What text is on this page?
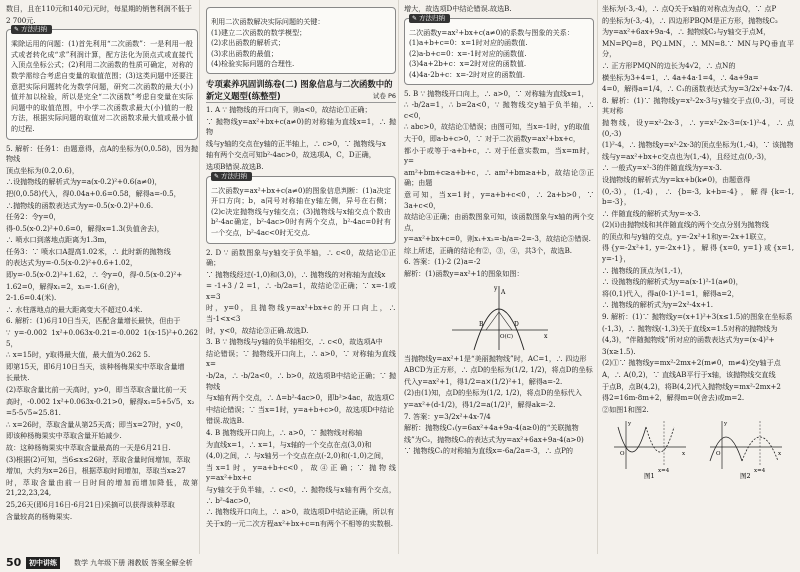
数目，且在110元和140元)元时，每星期的销售利润不低于

2 700元.

✎ 方法归纳

乘除运用的问题：(1)首先利用“二次函数”：一是利用一般式或者转化成“求”利润计算，配方法化为顶点式或直接代入顶点坐标公式；(2)利用二次函数的性质可确定，对称的数学需综合考虑自变量的取值范围；(3)这类问题中还要注意把实际问题转化为数学问题，研究二次函数的最大(小)值并加以检验，所以是完全“二次函数”考虑自变量在实际问题中的取值范围，中小学二次函数求最大(小)值的一般方法，根据实际问题的取值对二次函数求最大值或最小值的过程.

5. 解析：任务1：由题意得，点A的坐标为(0,0.58)，因为抛物线

顶点坐标为(0.2,0.6)，

∴设抛物线的解析式为y=a(x-0.2)²+0.6(a≠0)，

把(0,0.58)代入，得0.04a+0.6=0.58，解得a=-0.5，

∴抛物线的函数表达式为y=-0.5(x-0.2)²+0.6.

任务2：令y=0，

得-0.5(x-0.2)²+0.6=0，解得x=1.3(负值舍去)，

∴ 喷水口到落地点距离为1.3m，

任务3：∵ 喷水口A提高1.02米，∴ 此时新的抛物线

的表达式为y=-0.5(x-0.2)²+0.6+1.02，

即y=-0.5(x-0.2)²+1.62，∴ 令y=0，得-0.5(x-0.2)²+

1.62=0，解得x₁=2，x₂=-1.6(舍)，

2-1.6=0.4(米).

∴ 水柱落地点的最大距离变大不超过0.4米.

6. 解析：(1)6月10日当天，匹配含量增长最快，但由于

∵ y=-0.002 1x²+0.063x-0.21=-0.002 1(x-15)²+0.262 5，

∴ x=15时，y取得最大值，最大值为0.262 5.

即第15天，即6月10日当天，该种杨梅果实中萃取含量增

长最快.

(2)萃取含量比前一天高时，y>0，即当萃取含量比前一天

高时，-0.002 1x²+0.063x-0.21>0，解得x₁=5+5√5，x₂

=5-5√5≈25.81.

∴ x=26时，萃取含量从第25天高；即当x=27时，y<0，

即该种杨梅果实中萃取含量开始减少.

故：这种杨梅果实中萃取含量最高的一天是6月21日.

(3)根据(2)可知，当6≤x≤26时，萃取含量时间增加，萃取

增加，大约为x=26日，根据萃取时间增加，萃取当x≥27

时，萃取含量由前一日时间的增加而增加降低，故第21,22,23,24,

25,26天(即6月16日-6月21日)采摘可以获得该种萃取

含量较高的杨梅果实.

利用二次函数解决实际问题的关键：

(1)建立二次函数的数学模型；

(2)求出函数的解析式；

(3)求出函数的最值；

(4)检验实际问题的合理性.

专项素养巩固训练卷(二) 图象信息与二次函数中的新定义题型(练整型)	试卷 P6

1. A ∵ 抛物线的开口向下，则a<0，故结论①正确；

∵ 抛物线y=ax²+bx+c(a≠0)的对称轴为直线x=1，∴ 抛物

线与y轴的交点在y轴的正半轴上，∴ c>0，∵ 抛物线与x

轴有两个交点可知b²-4ac>0，故选项A，C，D正确，

选项B错误.故选B.

✎ 方法归纳

二次函数y=ax²+bx+c(a≠0)的图象信息判断：(1)a决定开口方向；b，a同号对称轴在y轴左侧，异号在右侧；(2)c决定抛物线与y轴交点；(3)抛物线与x轴交点个数由b²-4ac确定，b²-4ac>0时有两个交点，b²-4ac=0时有一个交点，b²-4ac<0时无交点.

2. D ∵ 函数图象与y轴交于负半轴，∴ c<0，故结论①正确；

∵ 抛物线经过(-1,0)和(3,0)，∴ 抛物线的对称轴为直线x

= -1+3 / 2 =1，∴ -b/2a=1，故结论②正确；∵ x=-1或x=3

时，y=0，且抛物线y=ax²+bx+c的开口向上，∴ 当-1<x<3

时，y<0，故结论③正确.故选D.

3. B ∵ 抛物线与y轴的负半轴相交，∴ c<0，故选项A中

结论错误；∵ 抛物线开口向上，∴ a>0，∵ 对称轴为直线x=

-b/2a，∴ -b/2a<0，∴ b>0，故选项B中结论正确；∵ 抛物线

与x轴有两个交点，∴ Δ=b²-4ac>0，即b²>4ac，故选项C

中结论错误；∵ 当x=1时，y=a+b+c>0，故选项D中结论

错误.故选B.

4. B 抛物线开口向上，∴ a>0，∵ 抛物线对称轴

为直线x=1，∴ x=1，与x轴的一个交点在点(3,0)和

(4,0)之间，∴ 与x轴另一个交点在点(-2,0)和(-1,0)之间，

当x=1时，y=a+b+c<0，故④正确；∵ 抛物线y=ax²+bx+c

与y轴交于负半轴，∴ c<0，∴ 抛物线与x轴有两个交点，∴ b²-4ac>0，

∴ 抛物线开口向上，∴ a>0，故选项D中结论正确，所以有

关于x的一元二次方程ax²+bx+c=n有两个不相等的实数根.

增大，故选项D中结论错误.故选B.

✎ 方法归纳

二次函数y=ax²+bx+c(a≠0)的系数与图象的关系：

(1)a+b+c=0：x=1时对应的函数值.

(2)a-b+c=0：x=-1时对应的函数值.

(3)4a+2b+c：x=2时对应的函数值.

(4)4a-2b+c：x=-2时对应的函数值.

5. B ∵ 抛物线开口向上，∴ a>0，∵ 对称轴为直线x=1，

∴ -b/2a=1，∴ b=2a<0，∵ 抛物线交y轴于负半轴，∴ c<0，

∴ abc>0，故结论①错误；由图可知，当x=-1时，y的取值

大于0，即a-b+c>0，∵ 对于二次函数y=ax²+bx+c，

都小于或等于-a+b+c，∴ 对于任意实数m，当x=m时，y=

am²+bm+c≥a+b+c，∴ am²+bm≥a+b，故结论③正确；由题

意可知，当x=1时，y=a+b+c<0，∴ 2a+b>0，∵ 3a+c<0，

故结论④正确；由函数图象可知，该函数图象与x轴的两个交点，

y=ax²+bx+c=0，则x₁+x₂=-b/a=-2=-3，故结论⑤错误.

综上所述，正确的结论有②，③，④，共3个，故选B.

6. 答案：(1)-2 (2)a=-2

解析：(1)函数y=ax²+1的图象如图：

A
O(C)
D
B
x
y

当抛物线y=ax²+1是“美丽抛物线”时，AC=1，∴ 四边形

ABCD为正方形，∴ 点D的坐标为(1/2, 1/2)，将点D的坐标

代入y=ax²+1，得1/2=a×(1/2)²+1，解得a=-2.

(2)由(1)知，点D的坐标为(1/2, 1/2)，将点D的坐标代入

y=ax²+(d-1/2)，得1/2=a(1/2)²，解得ak=-2.

7. 答案：y=3/2x²+4x-7/4

解析：抛物线C₁(y=6ax²+4a+9a-4(a≥0)的“关联抛物

线”为C₂，抛物线C₂的表达式为y=ax²+6ax+9a-4(a>0)

∵ 抛物线C₁的对称轴为直线x=-6a/2a=-3，∴ 点P的

坐标为(-3,-4)，∴ 点Q关于x轴的对称点为点Q，∵ 点P

的坐标为(-3,-4)，∴ 四边形PBQM是正方形，抛物线C₂

为y=ax²+6ax+9a-4，∴ 抛物线C₂与y轴交于点M，

MN=PQ=8，PQ⊥MN，∴ MN=8.∵ MN与PQ垂直平分，

∴ 正方形PMQN的边长为4√2，∴ 点N的

横坐标为3+4=1，∴ 4a+4a·1=4，∴ 4a+9a=

4=0，解得a=1/4，∴ C₁的函数表达式为y=3/2x²+4x-7/4.

8. 解析：(1)∵ 抛物线y=x²-2x-3与y轴交于点(0,-3)，可设其对称

抛物线，设y=x²-2x-3，∴ y=x²-2x-3=(x-1)²-4，∴ 点(0,-3)

(1)²-4，∴ 抛物线y=x²-2x-3的顶点坐标为(1,-4)，∵ 该抛物

线与y=ax²+bx+c交点也为(1,-4)，且经过点(0,-3)，

∴ 一般式y=x²-3的伴随直线为y=x-3.

设抛物线的解析式为y=kx+b(k≠0)，由题意得

(0,-3)，(1,-4)，∴ {b=-3, k+b=-4}，解得{k=-1, b=-3}，

∴ 伴随直线的解析式为y=-x-3.

(2)(i)由抛物线和其伴随直线的两个交点分别为抛物线

的顶点和与y轴的交点，y=-2x²+1和y=-2x+1联立，

得{y=-2x²+1, y=-2x+1}，解得{x=0, y=1}或{x=1, y=-1}，

∴ 抛物线的顶点为(1,-1)，

∴ 设抛物线的解析式为y=a(x-1)²-1(a≠0)，

将(0,1)代入，得a(0-1)²-1=1，解得a=2，

∴ 抛物线的解析式为y=2x²-4x+1.

9. 解析：(1)∵ 抛物线y=(x+1)²+3(x≤1.5)的图象在坐标系

(-1,3)，∴ 抛物线(-1,3)关于直线x=1.5对称的抛物线为

(4,3)，“伴随抛物线”所对应的函数表达式为y=(x-4)²+

3(x≥1.5).

(2)①∵ 抛物线y=mx²-2mx+2(m≠0，m≠4)交y轴于点

A，∴ A(0,2)，∵ 直线AB平行于x轴，该抛物线交直线

于点B，点B(4,2)，将B(4,2)代入抛物线y=mx²-2mx+2

得2=16m-8m+2，解得m=0(舍去)或m=2.

②如图1和图2.

x=4
O	x
y
图1
x=4
O	x
y
图2
50	初中讲练	数学 九年级下册 湘教版 答案全解全析
